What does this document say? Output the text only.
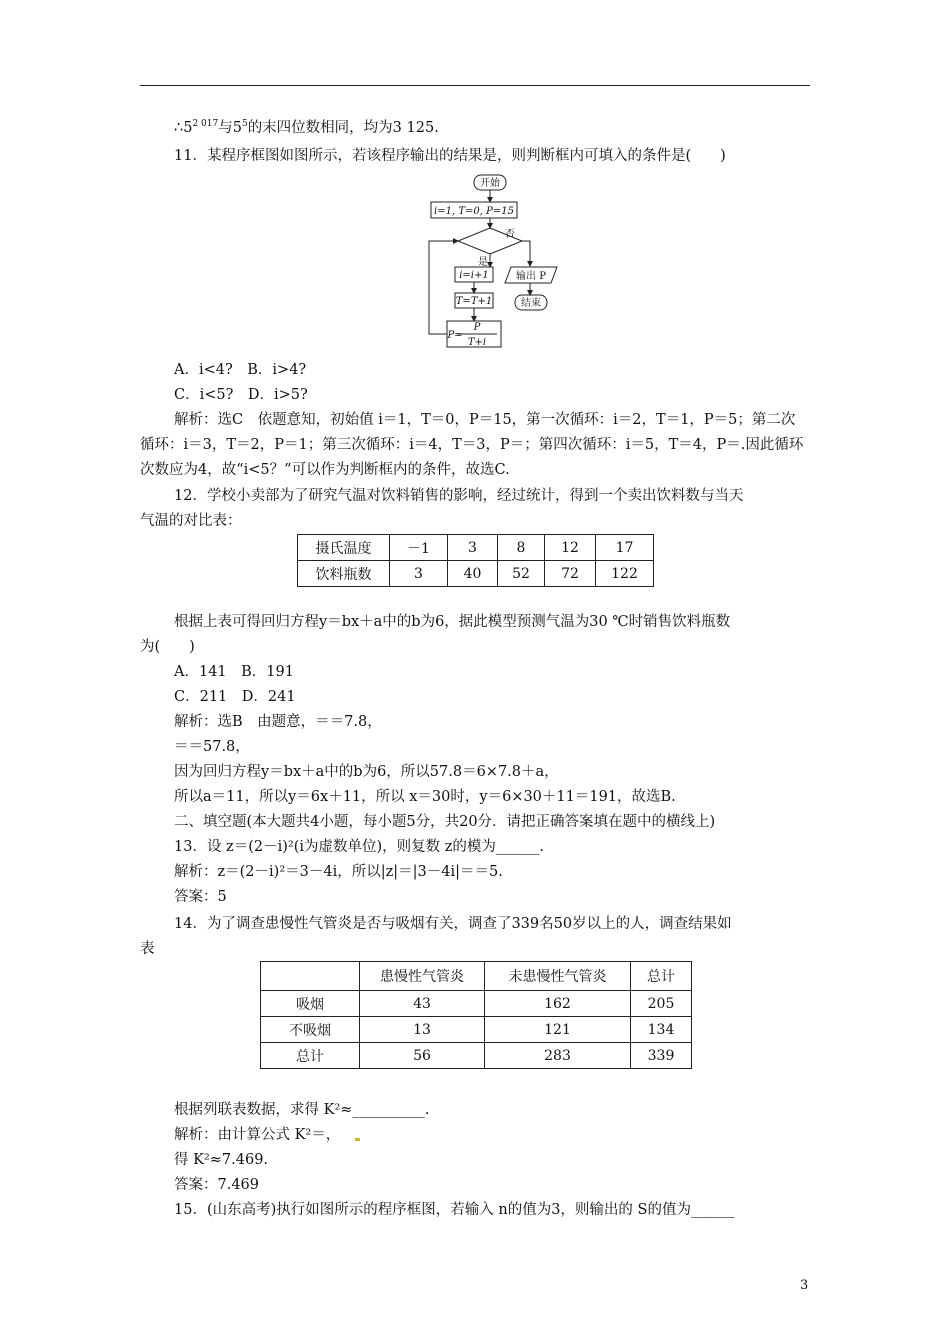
$\therefore 5^{2 017}$与$5^5$的末四位数相同，均为3 125.
11．某程序框图如图所示，若该程序输出的结果是，则判断框内可填入的条件是(　　)
开始
i=1, T=0, P=15
否
是
i=i+1
T=T+1
P=
P
T+i
输出 P
结束
A．i<4?　B．i>4?
C．i<5?　D．i>5?
解析：选C　依题意知，初始值 i＝1，T＝0，P＝15，第一次循环：i＝2，T＝1，P＝5；第二次
循环：i＝3，T＝2，P＝1；第三次循环：i＝4，T＝3，P＝；第四次循环：i＝5，T＝4，P＝.因此循环
次数应为4，故“i<5？”可以作为判断框内的条件，故选C.
12．学校小卖部为了研究气温对饮料销售的影响，经过统计，得到一个卖出饮料数与当天
气温的对比表：
摄氏温度	－1	3	8	12	17
饮料瓶数	3	40	52	72	122
根据上表可得回归方程y＝bx＋a中的b为6，据此模型预测气温为30 ℃时销售饮料瓶数
为(　　)
A．141　B．191
C．211　D．241
解析：选B　由题意，＝＝7.8，
＝＝57.8，
因为回归方程y＝bx＋a中的b为6，所以57.8＝6×7.8＋a，
所以a＝11，所以y＝6x＋11，所以 x＝30时，y＝6×30＋11＝191，故选B.
二、填空题(本大题共4小题，每小题5分，共20分．请把正确答案填在题中的横线上)
13．设 z＝(2－i)²(i为虚数单位)，则复数 z的模为______.
解析：z＝(2－i)²＝3－4i，所以|z|＝|3－4i|＝＝5.
答案：5
14．为了调查患慢性气管炎是否与吸烟有关，调查了339名50岁以上的人，调查结果如
表
	患慢性气管炎	未患慢性气管炎	总计
吸烟	43	162	205
不吸烟	13	121	134
总计	56	283	339
根据列联表数据，求得 K²≈__________.
解析：由计算公式 K²＝，
得 K²≈7.469.
答案：7.469
15．(山东高考)执行如图所示的程序框图，若输入 n的值为3，则输出的 S的值为______
3
